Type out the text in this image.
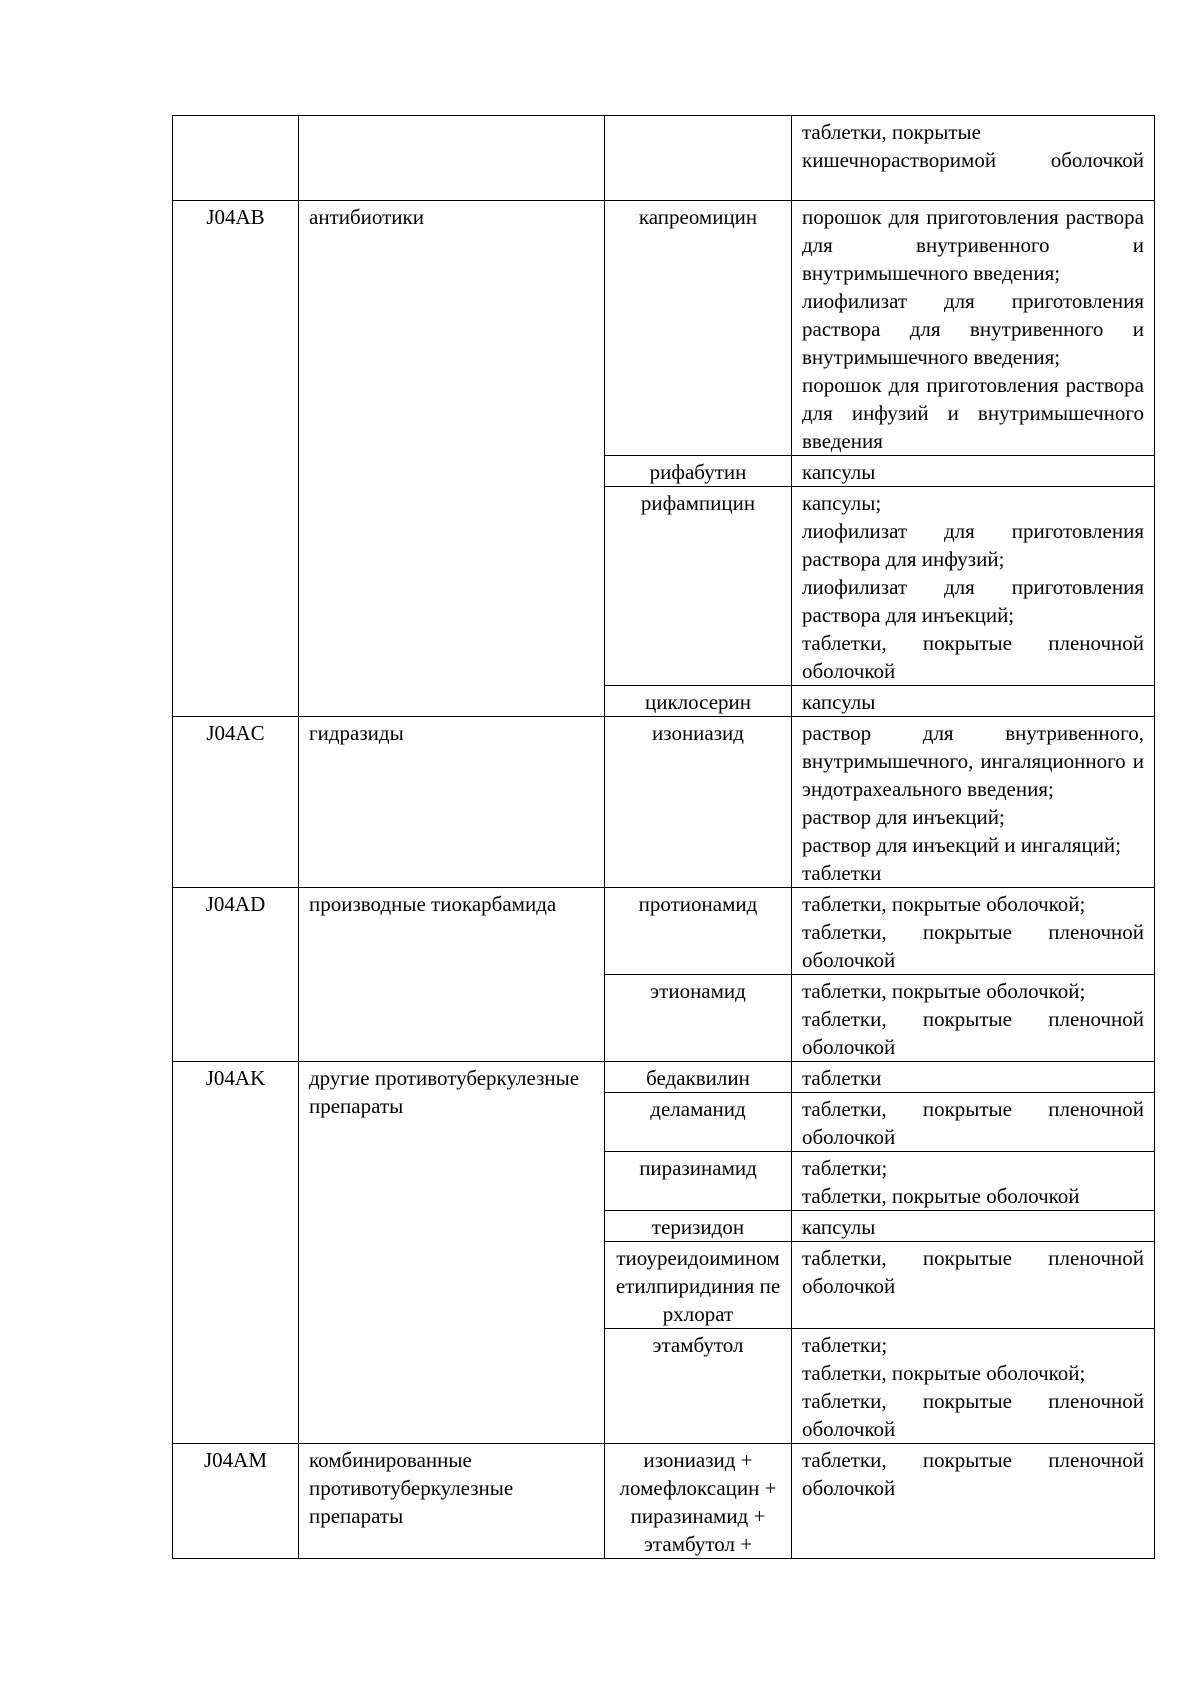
			таблетки, покрытые кишечнорастворимой оболочкой

J04AB	антибиотики	капреомицин	порошок для приготовления раствора для внутривенного и внутримышечного введения;
лиофилизат для приготовления раствора для внутривенного и внутримышечного введения;
порошок для приготовления раствора для инфузий и внутримышечного введения

		рифабутин	капсулы

		рифампицин	капсулы;
лиофилизат для приготовления раствора для инфузий;
лиофилизат для приготовления раствора для инъекций;
таблетки, покрытые пленочной оболочкой

		циклосерин	капсулы

J04AC	гидразиды	изониазид	раствор для внутривенного, внутримышечного, ингаляционного и эндотрахеального введения;
раствор для инъекций;
раствор для инъекций и ингаляций;
таблетки

J04AD	производные тиокарбамида	протионамид	таблетки, покрытые оболочкой;
таблетки, покрытые пленочной оболочкой

		этионамид	таблетки, покрытые оболочкой;
таблетки, покрытые пленочной оболочкой

J04AK	другие противотуберкулезные препараты	бедаквилин	таблетки

		деламанид	таблетки, покрытые пленочной оболочкой

		пиразинамид	таблетки;
таблетки, покрытые оболочкой

		теризидон	капсулы

		тиоуреидоиминометилпиридиния перхлорат	таблетки, покрытые пленочной оболочкой

		этамбутол	таблетки;
таблетки, покрытые оболочкой;
таблетки, покрытые пленочной оболочкой

J04AM	комбинированные противотуберкулезные препараты	изониазид + ломефлоксацин + пиразинамид + этамбутол +	таблетки, покрытые пленочной оболочкой
